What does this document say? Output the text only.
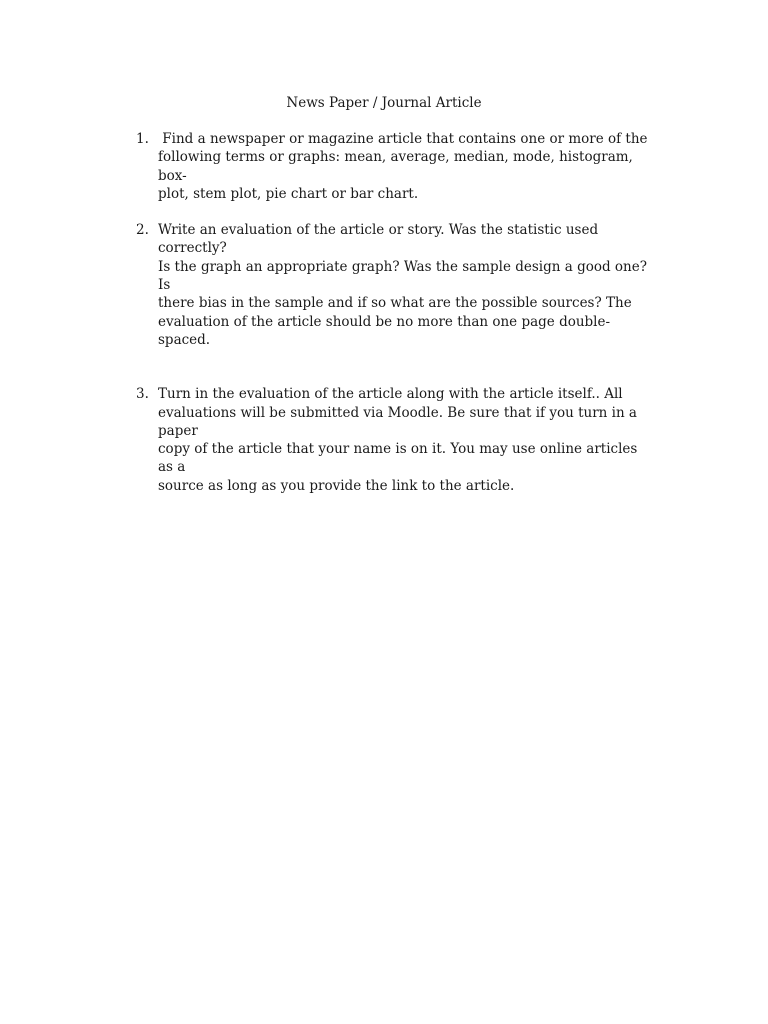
News Paper / Journal Article
1. Find a newspaper or magazine article that contains one or more of the
following terms or graphs: mean, average, median, mode, histogram, box-
plot, stem plot, pie chart or bar chart.
2. Write an evaluation of the article or story. Was the statistic used correctly?
Is the graph an appropriate graph? Was the sample design a good one? Is
there bias in the sample and if so what are the possible sources? The
evaluation of the article should be no more than one page double-spaced.
3. Turn in the evaluation of the article along with the article itself.. All
evaluations will be submitted via Moodle. Be sure that if you turn in a paper
copy of the article that your name is on it. You may use online articles as a
source as long as you provide the link to the article.
